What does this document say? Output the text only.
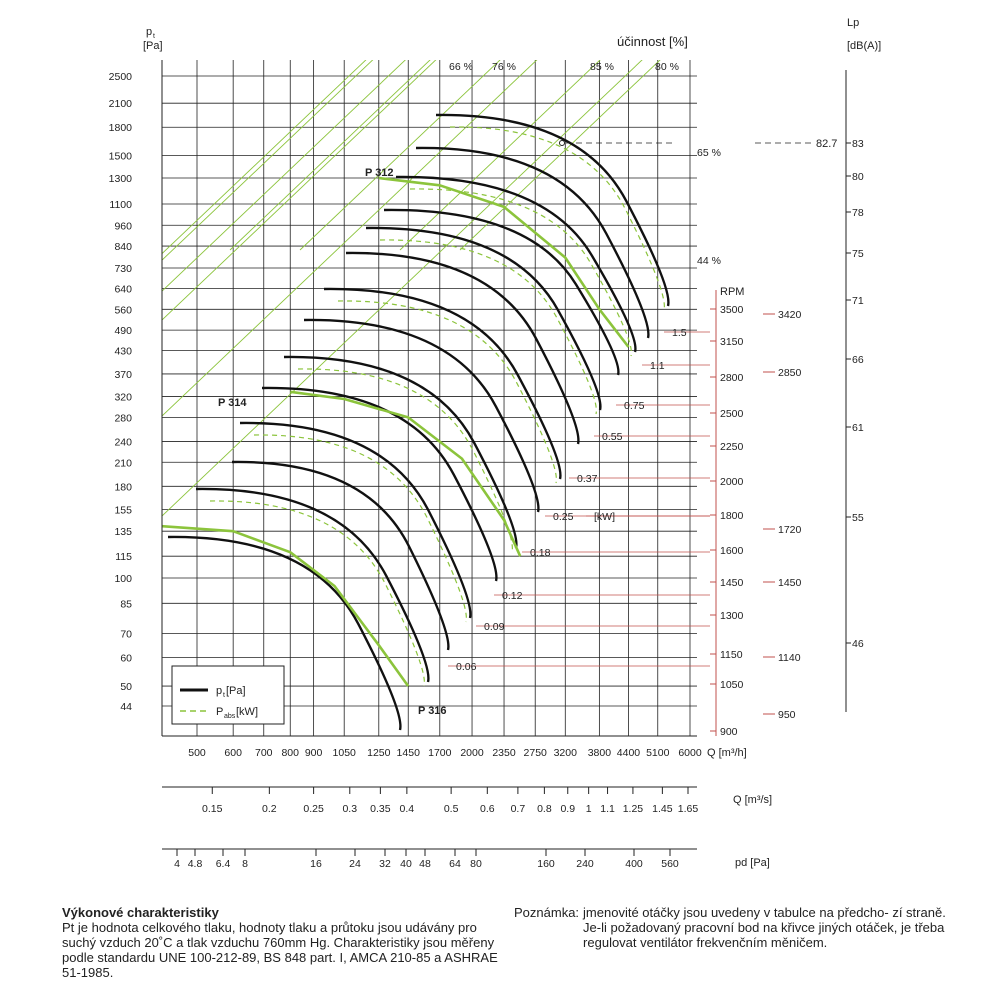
2500
2100
1800
1500
1300
1100
960
840
730
640
560
490
430
370
320
280
240
210
180
155
135
115
100
85
70
60
50
44
500 600 700 800 900 1050 1250 1450 1700 2000 2350 2750 3200 3800 4400 5100 6000
66 % 76 %	85 %	80 %
65 %
44 %
P 312
P 314
P 316
3500
3150
2800
2500
2250
2000
1800
1600
1450
1300
1150
1050
900
3420
2850
1720
1450
1140
950
1.5
1.1
0.75
0.55
0.37
0.25 [kW]
0.18
0.12
0.09
0.06
83
80
78
75
71
66
61
55
46
0.15	0.2	0.25 0.3 0.35 0.4	0.5 0.6 0.7 0.8 0.9 1 1.1 1.25 1.45 1.65
4 4.8 6.4 8	16	24 32 40 48 64 80	160 240	400 560
p t
[Pa]	účinnost [%]
Lp
[dB(A)]
RPM
Q [m³/h]
Q [m³/s]
pd [Pa]
82.7
p t [Pa]
P abs [kW]
Výkonové charakteristiky
Pt je hodnota celkového tlaku, hodnoty tlaku a průtoku jsou udávány pro suchý vzduch 20˚C a tlak vzduchu 760mm Hg. Charakteristiky jsou měřeny podle standardu UNE 100-212-89, BS 848 part. I, AMCA 210-85 a ASHRAE 51-1985.
Poznámka: jmenovité otáčky jsou uvedeny v tabulce na předcho- zí straně. Je-li požadovaný pracovní bod na křivce jiných otáček, je třeba regulovat ventilátor frekvenčním měničem.
